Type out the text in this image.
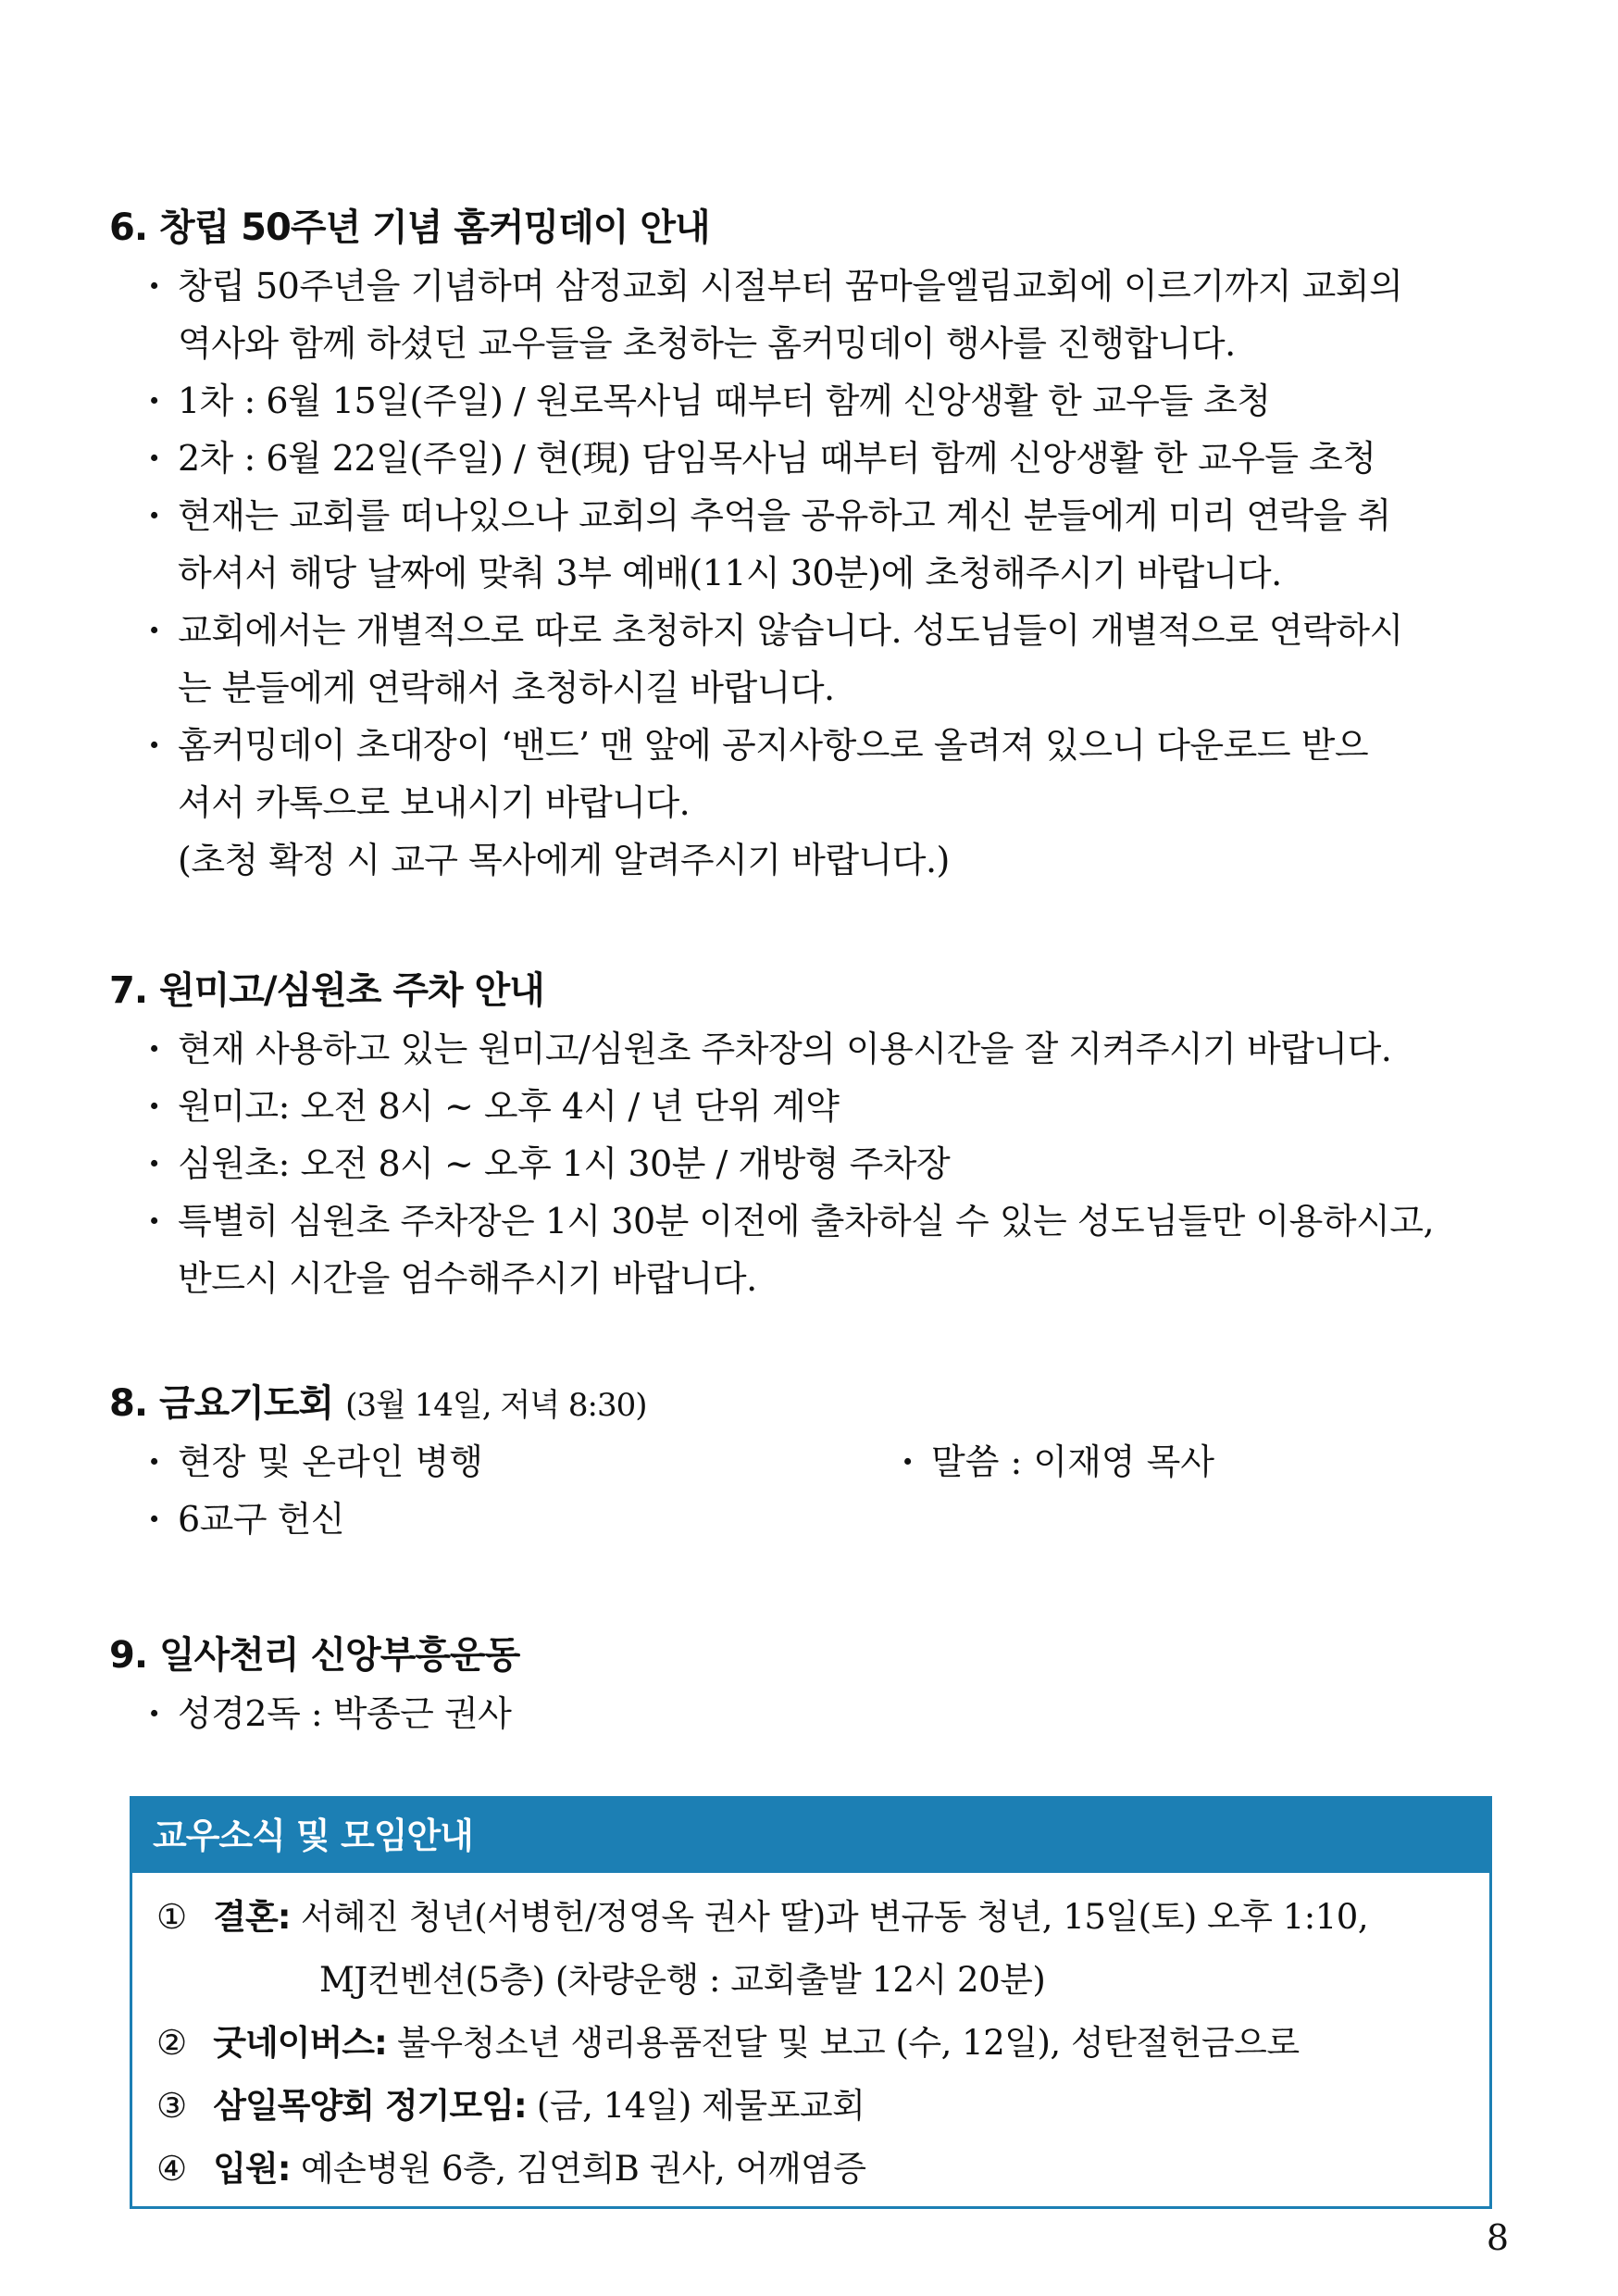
6. 창립 50주년 기념 홈커밍데이 안내
· 창립 50주년을 기념하며 삼정교회 시절부터 꿈마을엘림교회에 이르기까지 교회의
역사와 함께 하셨던 교우들을 초청하는 홈커밍데이 행사를 진행합니다.
· 1차 : 6월 15일(주일) / 원로목사님 때부터 함께 신앙생활 한 교우들 초청
· 2차 : 6월 22일(주일) / 현(現) 담임목사님 때부터 함께 신앙생활 한 교우들 초청
· 현재는 교회를 떠나있으나 교회의 추억을 공유하고 계신 분들에게 미리 연락을 취
하셔서 해당 날짜에 맞춰 3부 예배(11시 30분)에 초청해주시기 바랍니다.
· 교회에서는 개별적으로 따로 초청하지 않습니다. 성도님들이 개별적으로 연락하시
는 분들에게 연락해서 초청하시길 바랍니다.
· 홈커밍데이 초대장이 ‘밴드’ 맨 앞에 공지사항으로 올려져 있으니 다운로드 받으
셔서 카톡으로 보내시기 바랍니다.
(초청 확정 시 교구 목사에게 알려주시기 바랍니다.)
7. 원미고/심원초 주차 안내
· 현재 사용하고 있는 원미고/심원초 주차장의 이용시간을 잘 지켜주시기 바랍니다.
· 원미고: 오전 8시 ~ 오후 4시 / 년 단위 계약
· 심원초: 오전 8시 ~ 오후 1시 30분 / 개방형 주차장
· 특별히 심원초 주차장은 1시 30분 이전에 출차하실 수 있는 성도님들만 이용하시고,
반드시 시간을 엄수해주시기 바랍니다.
8. 금요기도회 (3월 14일, 저녁 8:30)
· 현장 및 온라인 병행
·	말씀 : 이재영 목사
· 6교구 헌신
9. 일사천리 신앙부흥운동
· 성경2독 : 박종근 권사
교우소식 및 모임안내
① 결혼: 서혜진 청년(서병헌/정영옥 권사 딸)과 변규동 청년, 15일(토) 오후 1:10,
MJ컨벤션(5층) (차량운행 : 교회출발 12시 20분)
② 굿네이버스: 불우청소년 생리용품전달 및 보고 (수, 12일), 성탄절헌금으로
③ 삼일목양회 정기모임: (금, 14일) 제물포교회
④ 입원: 예손병원 6층, 김연희B 권사, 어깨염증
8
